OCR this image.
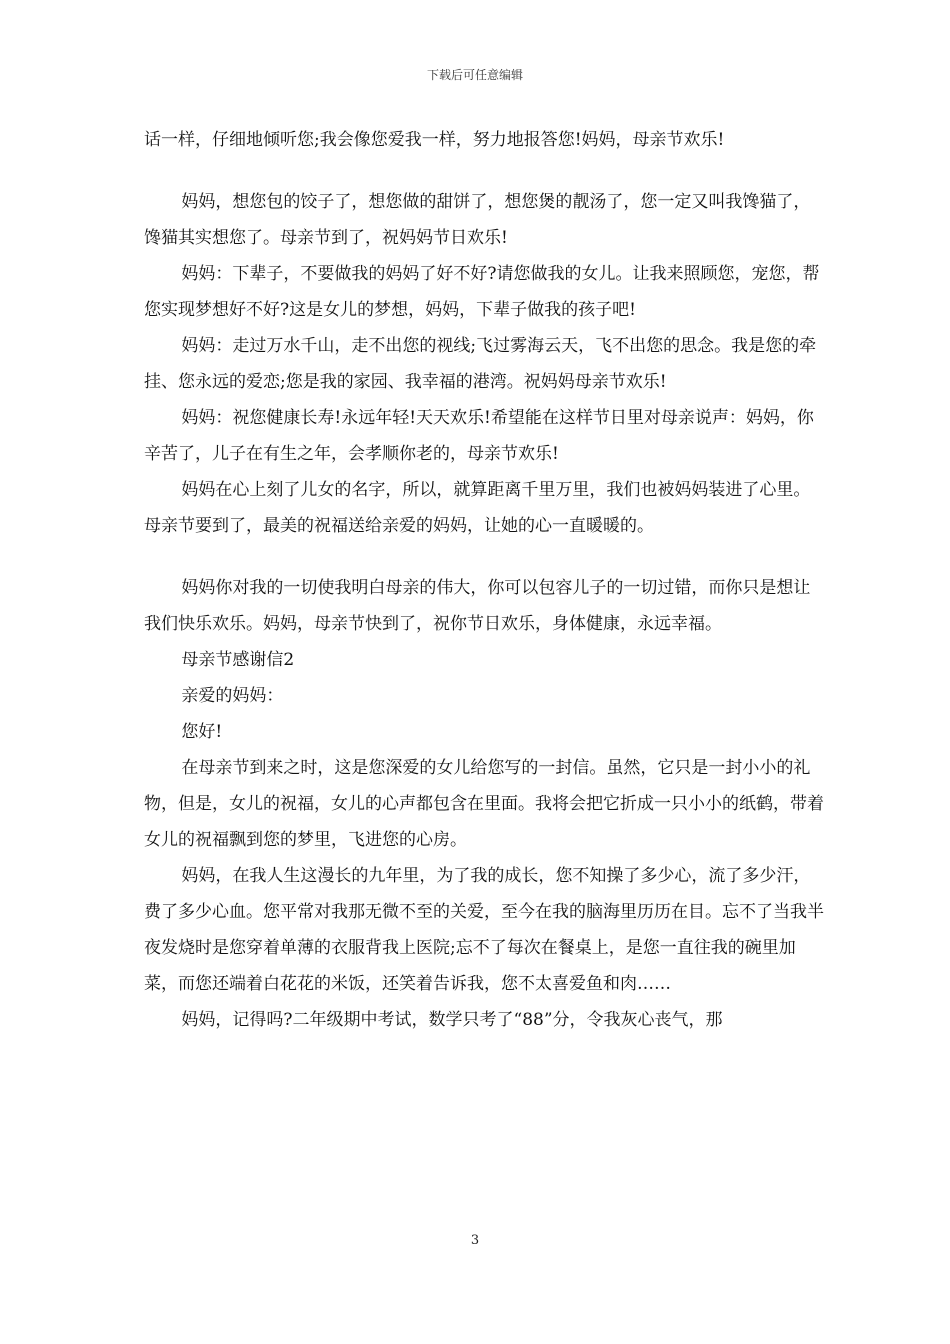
下载后可任意编辑

话一样，仔细地倾听您;我会像您爱我一样，努力地报答您!妈妈，母亲节欢乐!

妈妈，想您包的饺子了，想您做的甜饼了，想您煲的靓汤了，您一定又叫我馋猫了，馋猫其实想您了。母亲节到了，祝妈妈节日欢乐!

妈妈：下辈子，不要做我的妈妈了好不好?请您做我的女儿。让我来照顾您，宠您，帮您实现梦想好不好?这是女儿的梦想，妈妈，下辈子做我的孩子吧!

妈妈：走过万水千山，走不出您的视线;飞过雾海云天，飞不出您的思念。我是您的牵挂、您永远的爱恋;您是我的家园、我幸福的港湾。祝妈妈母亲节欢乐!

妈妈：祝您健康长寿!永远年轻!天天欢乐!希望能在这样节日里对母亲说声：妈妈，你辛苦了，儿子在有生之年，会孝顺你老的，母亲节欢乐!

妈妈在心上刻了儿女的名字，所以，就算距离千里万里，我们也被妈妈装进了心里。母亲节要到了，最美的祝福送给亲爱的妈妈，让她的心一直暖暖的。

妈妈你对我的一切使我明白母亲的伟大，你可以包容儿子的一切过错，而你只是想让我们快乐欢乐。妈妈，母亲节快到了，祝你节日欢乐，身体健康，永远幸福。

母亲节感谢信2

亲爱的妈妈：

您好!

在母亲节到来之时，这是您深爱的女儿给您写的一封信。虽然，它只是一封小小的礼物，但是，女儿的祝福，女儿的心声都包含在里面。我将会把它折成一只小小的纸鹤，带着女儿的祝福飘到您的梦里，飞进您的心房。

妈妈，在我人生这漫长的九年里，为了我的成长，您不知操了多少心，流了多少汗，费了多少心血。您平常对我那无微不至的关爱，至今在我的脑海里历历在目。忘不了当我半夜发烧时是您穿着单薄的衣服背我上医院;忘不了每次在餐桌上，是您一直往我的碗里加菜，而您还端着白花花的米饭，还笑着告诉我，您不太喜爱鱼和肉……

妈妈，记得吗?二年级期中考试，数学只考了“88”分，令我灰心丧气，那

3
